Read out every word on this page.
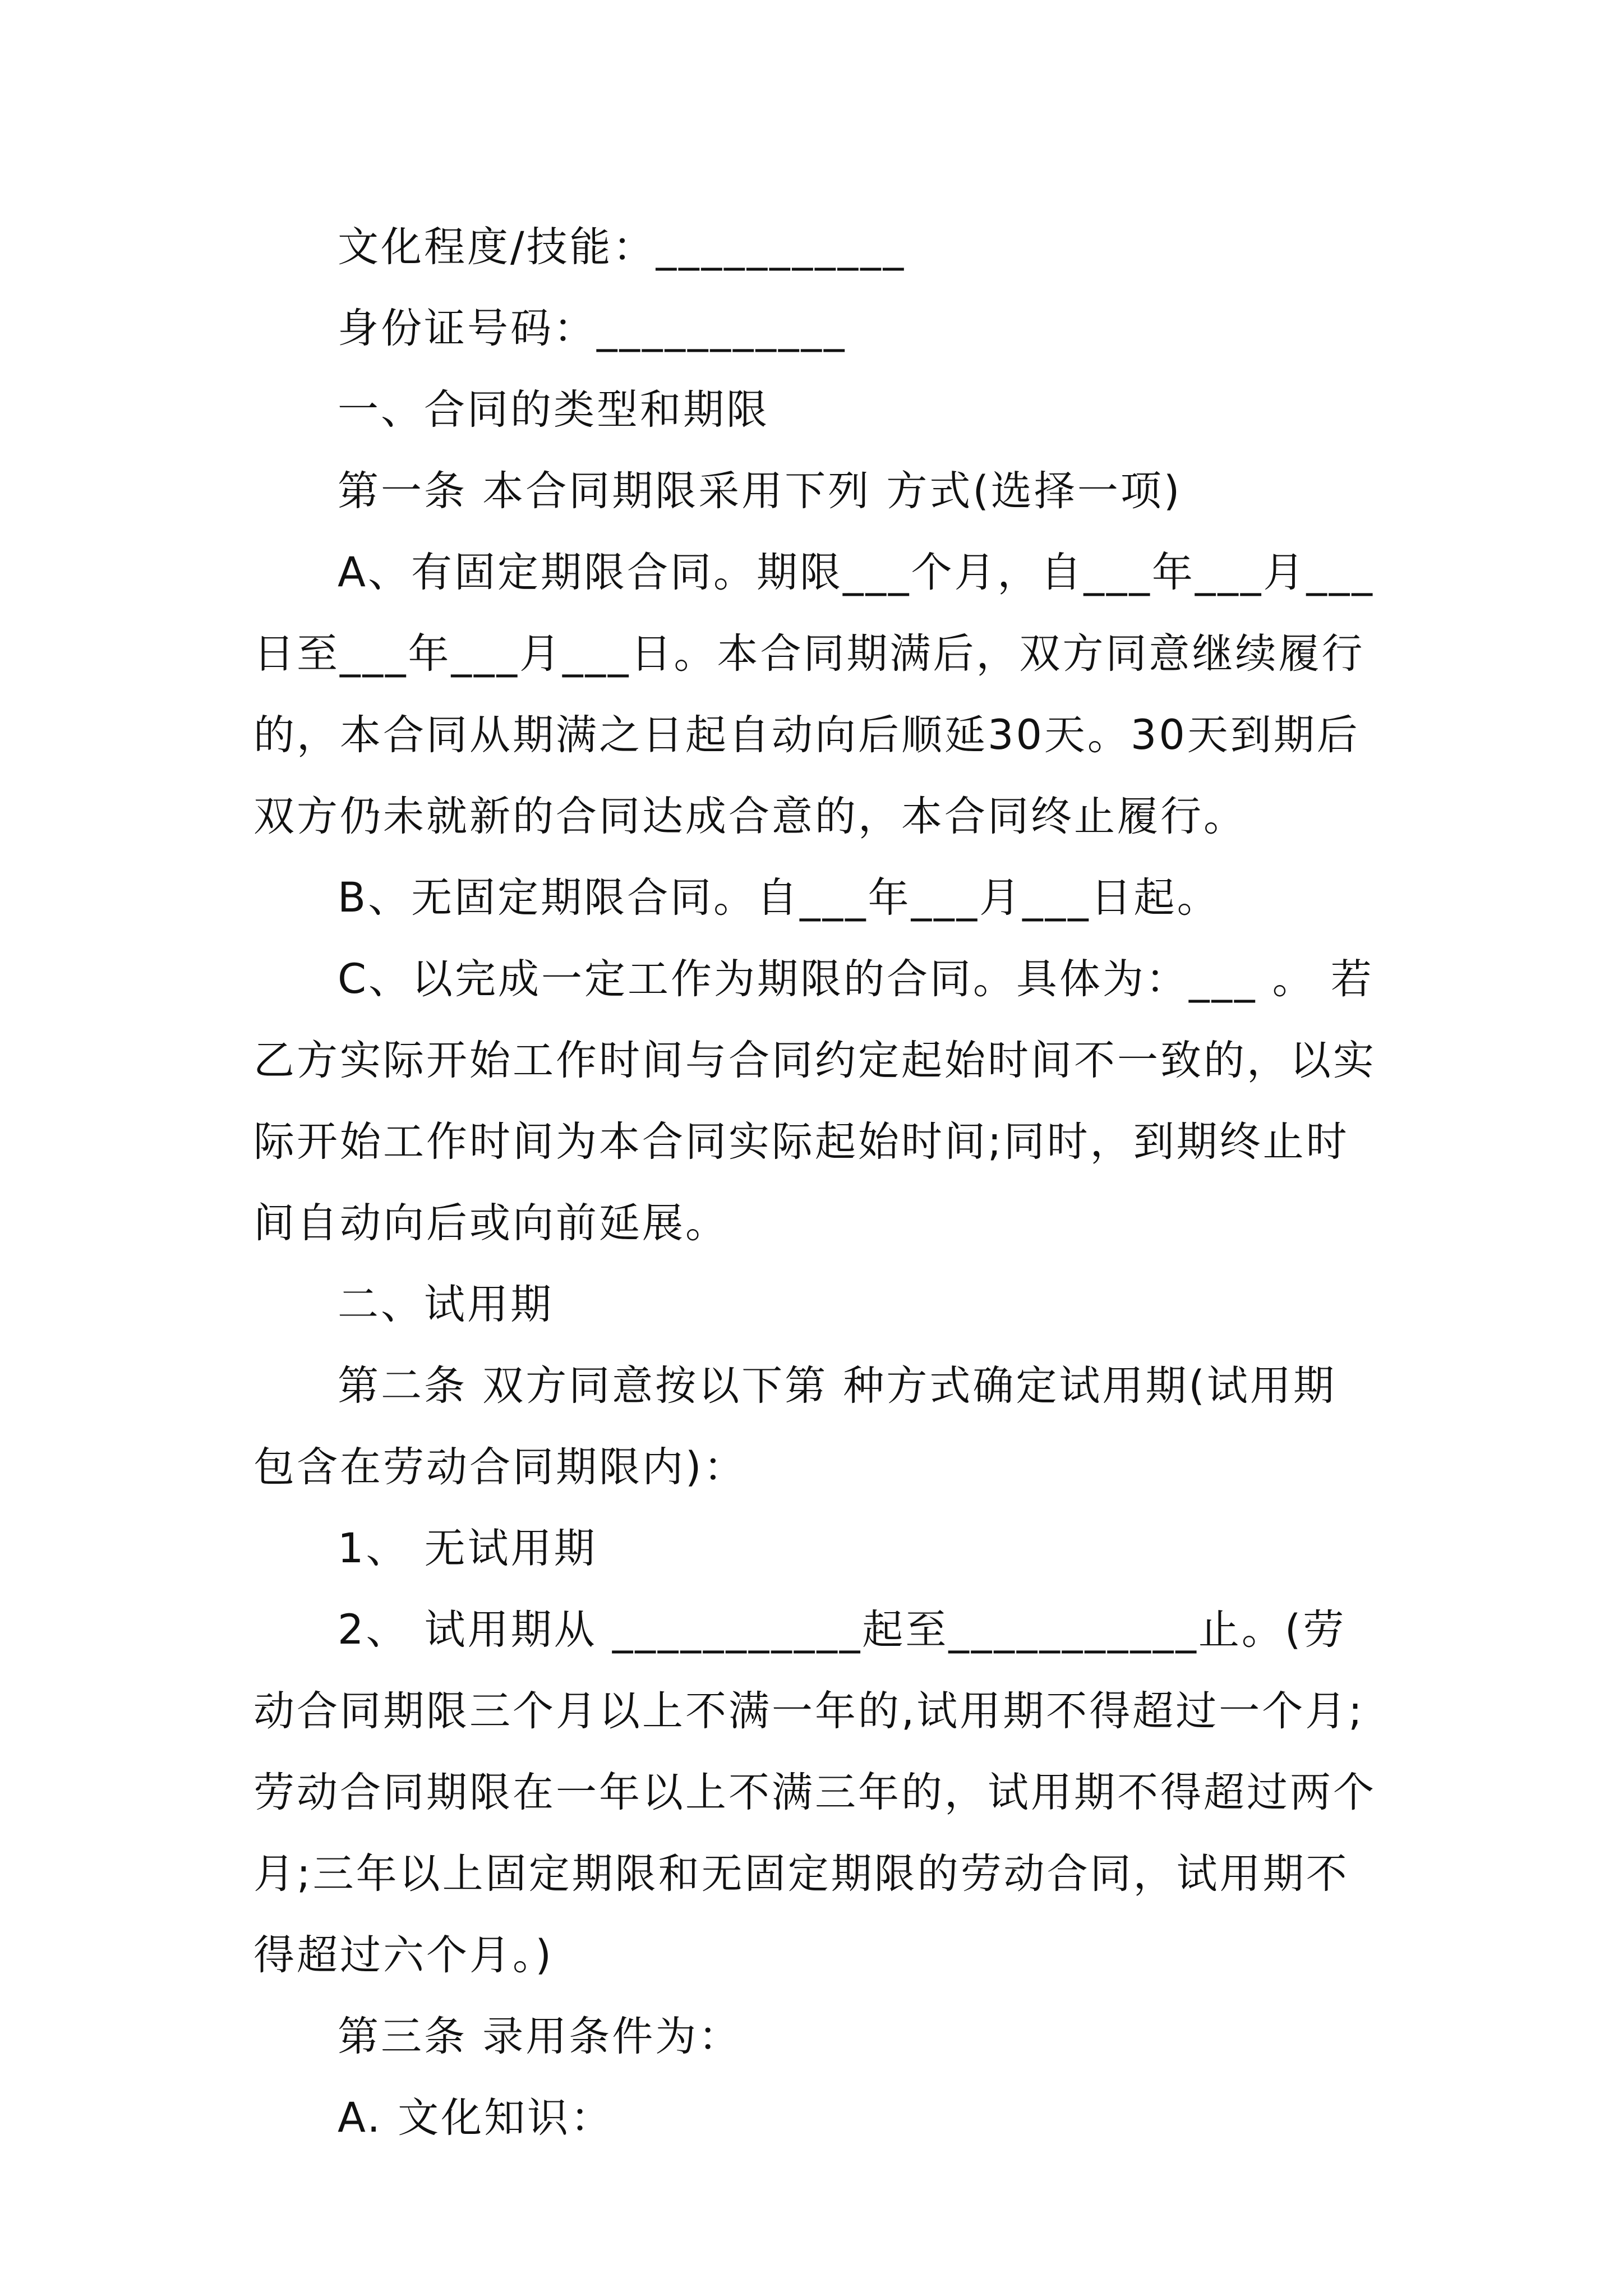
文化程度/技能：___________
身份证号码：___________
一、合同的类型和期限
第一条 本合同期限采用下列 方式(选择一项)
A、有固定期限合同。期限___个月，自___年___月___
日至___年___月___日。本合同期满后，双方同意继续履行
的，本合同从期满之日起自动向后顺延30天。30天到期后
双方仍未就新的合同达成合意的，本合同终止履行。
B、无固定期限合同。自___年___月___日起。
C、以完成一定工作为期限的合同。具体为：___ 。 若
乙方实际开始工作时间与合同约定起始时间不一致的，以实
际开始工作时间为本合同实际起始时间;同时，到期终止时
间自动向后或向前延展。
二、试用期
第二条 双方同意按以下第 种方式确定试用期(试用期
包含在劳动合同期限内)：
1、 无试用期
2、 试用期从 ___________起至___________止。(劳
动合同期限三个月以上不满一年的,试用期不得超过一个月;
劳动合同期限在一年以上不满三年的，试用期不得超过两个
月;三年以上固定期限和无固定期限的劳动合同，试用期不
得超过六个月。)
第三条 录用条件为：
A. 文化知识：
